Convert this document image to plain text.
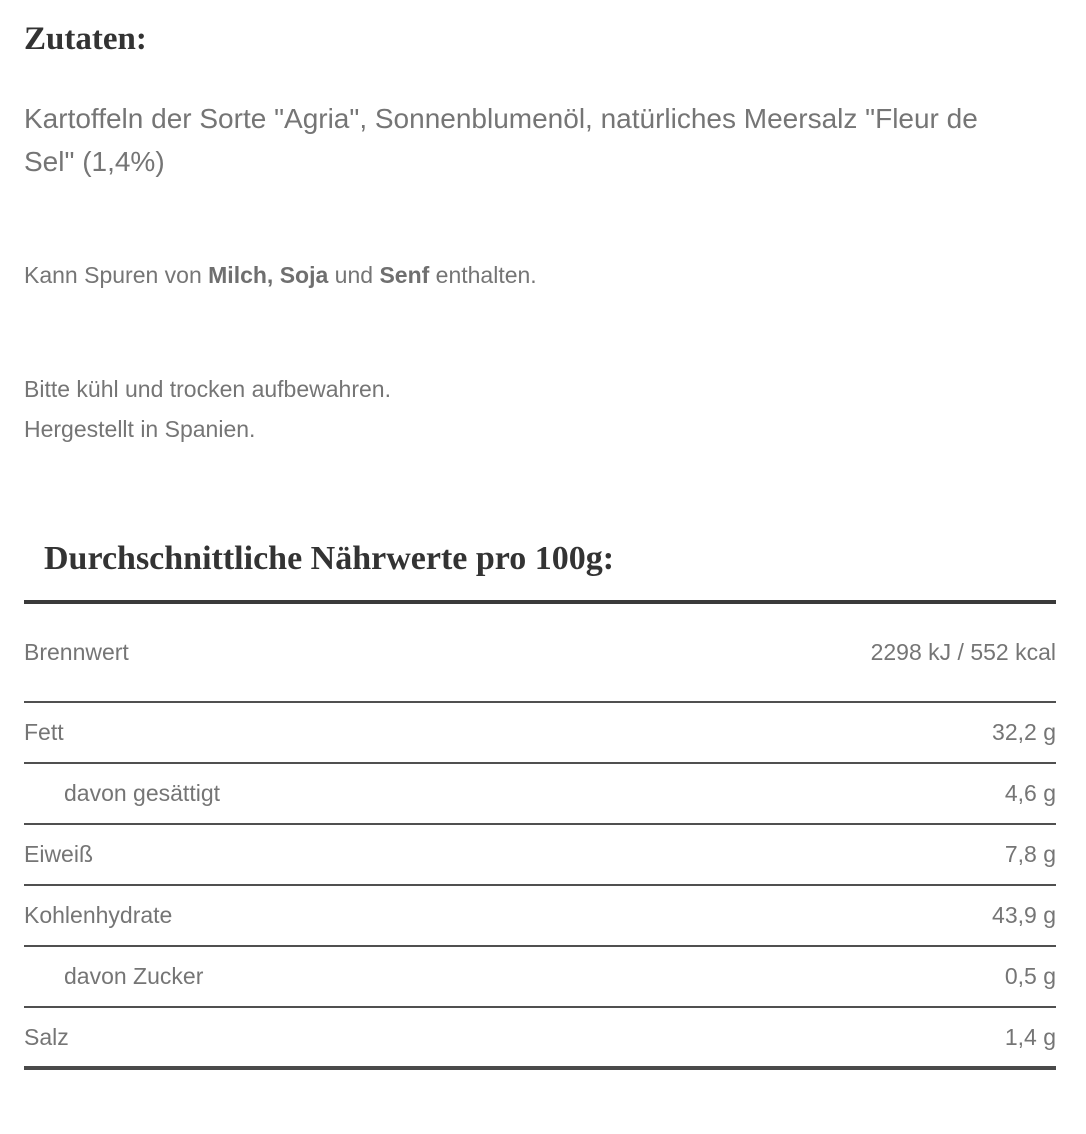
Zutaten:

Kartoffeln der Sorte "Agria", Sonnenblumenöl, natürliches Meersalz "Fleur de Sel" (1,4%)

Kann Spuren von Milch, Soja und Senf enthalten.

Bitte kühl und trocken aufbewahren.
Hergestellt in Spanien.
Durchschnittliche Nährwerte pro 100g:
Brennwert	2298 kJ / 552 kcal
Fett	32,2 g
davon gesättigt	4,6 g
Eiweiß	7,8 g
Kohlenhydrate	43,9 g
davon Zucker	0,5 g
Salz	1,4 g
